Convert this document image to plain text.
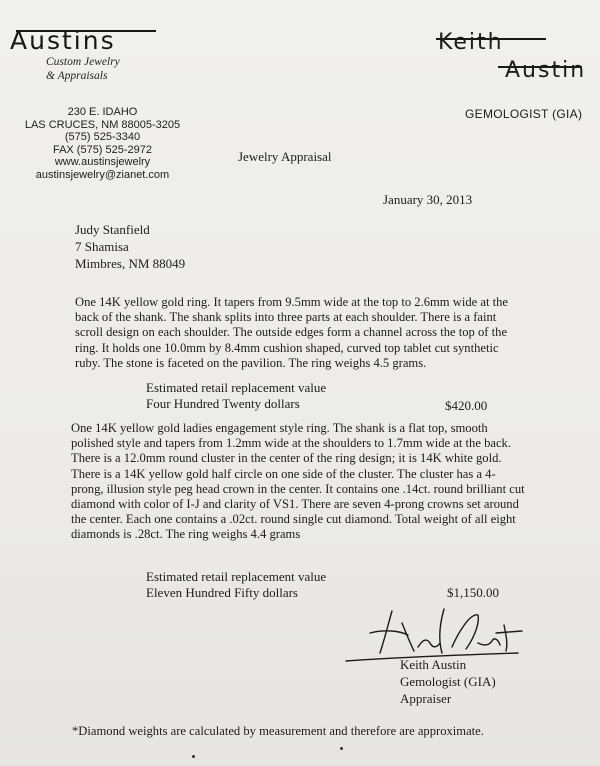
Austins
Custom Jewelry
& Appraisals
230 E. IDAHO
LAS CRUCES, NM 88005-3205
(575) 525-3340
FAX (575) 525-2972
www.austinsjewelry
austinsjewelry@zianet.com
Keith
Austin
GEMOLOGIST (GIA)
Jewelry Appraisal
January 30, 2013
Judy Stanfield
7 Shamisa
Mimbres, NM 88049
One 14K yellow gold ring. It tapers from 9.5mm wide at the top to 2.6mm wide at the back of the shank. The shank splits into three parts at each shoulder. There is a faint scroll design on each shoulder. The outside edges form a channel across the top of the ring. It holds one 10.0mm by 8.4mm cushion shaped, curved top tablet cut synthetic ruby. The stone is faceted on the pavilion. The ring weighs 4.5 grams.
Estimated retail replacement value
Four Hundred Twenty dollars	$420.00
One 14K yellow gold ladies engagement style ring. The shank is a flat top, smooth polished style and tapers from 1.2mm wide at the shoulders to 1.7mm wide at the back. There is a 12.0mm round cluster in the center of the ring design; it is 14K white gold. There is a 14K yellow gold half circle on one side of the cluster. The cluster has a 4-prong, illusion style peg head crown in the center. It contains one .14ct. round brilliant cut diamond with color of I-J and clarity of VS1. There are seven 4-prong crowns set around the center. Each one contains a .02ct. round single cut diamond. Total weight of all eight diamonds is .28ct. The ring weighs 4.4 grams
Estimated retail replacement value
Eleven Hundred Fifty dollars	$1,150.00
Keith Austin
Gemologist (GIA)
Appraiser
*Diamond weights are calculated by measurement and therefore are approximate.
